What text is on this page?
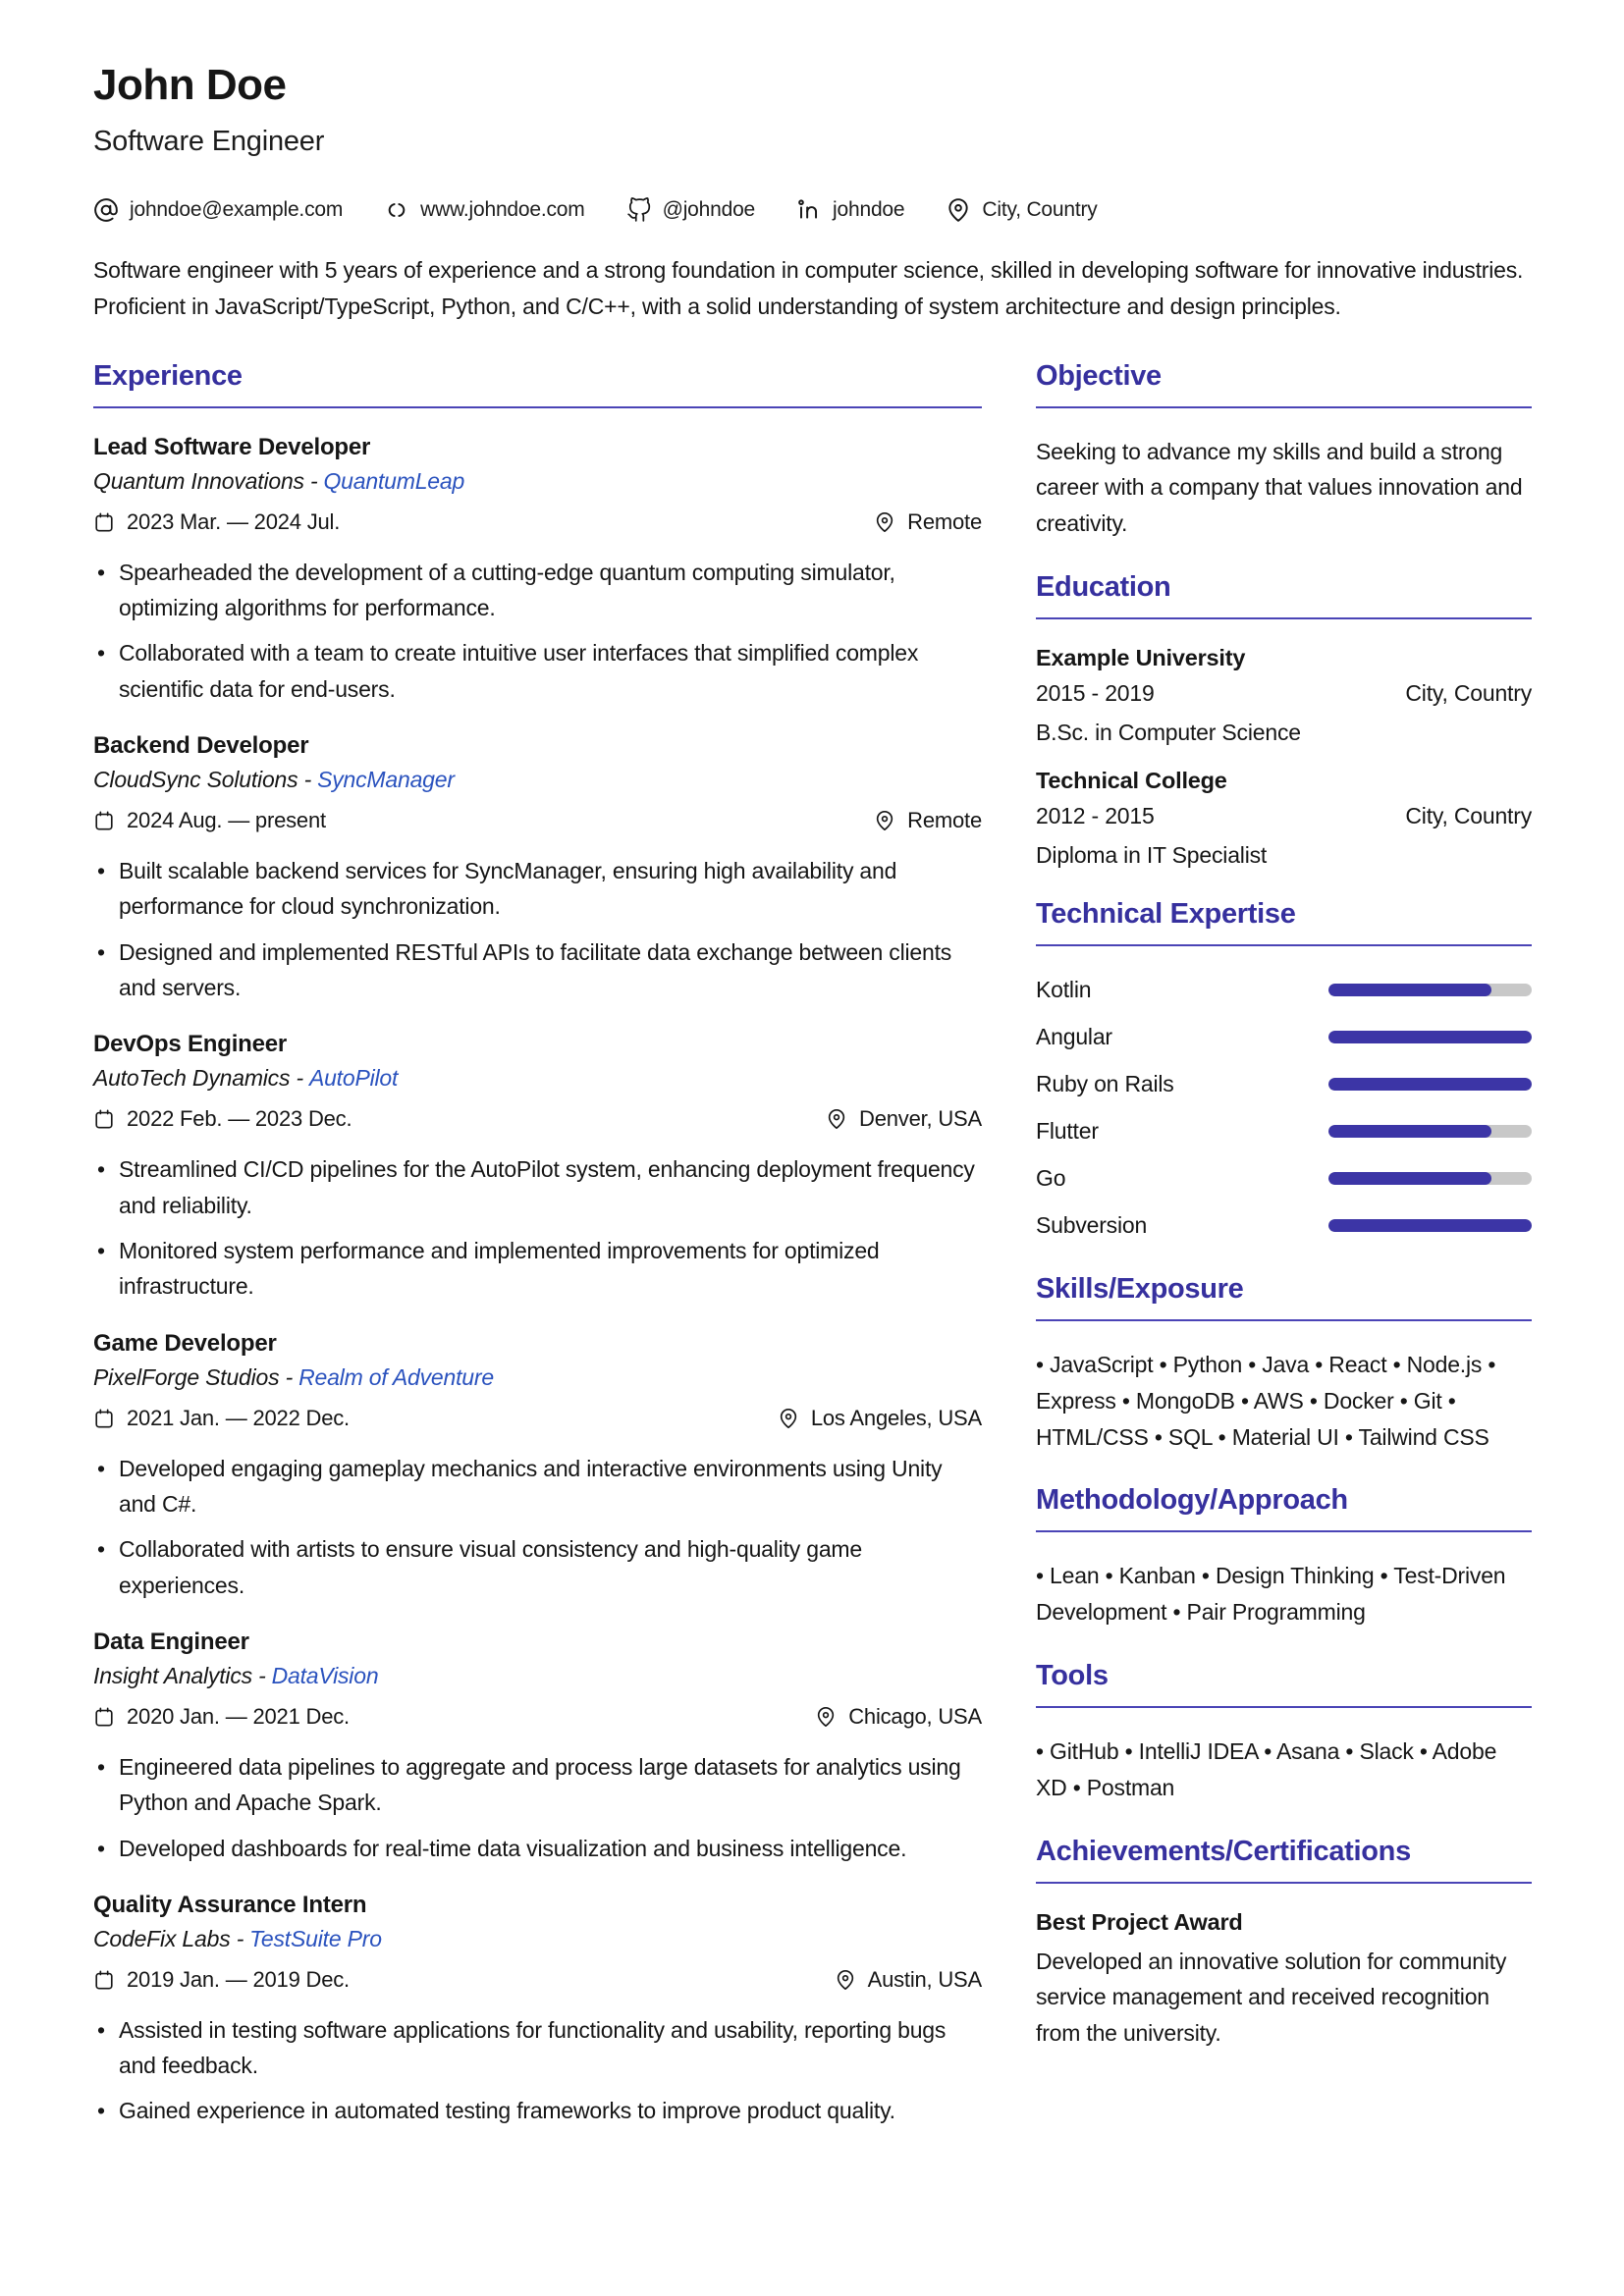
John Doe
Software Engineer
johndoe@example.com	www.johndoe.com	@johndoe	johndoe	City, Country

Software engineer with 5 years of experience and a strong foundation in computer science, skilled in developing software for innovative industries. Proficient in JavaScript/TypeScript, Python, and C/C++, with a solid understanding of system architecture and design principles.

Experience
Lead Software Developer
Quantum Innovations - QuantumLeap
2023 Mar. — 2024 Jul.	Remote
• Spearheaded the development of a cutting-edge quantum computing simulator, optimizing algorithms for performance.
• Collaborated with a team to create intuitive user interfaces that simplified complex scientific data for end-users.
Backend Developer
CloudSync Solutions - SyncManager
2024 Aug. — present	Remote
• Built scalable backend services for SyncManager, ensuring high availability and performance for cloud synchronization.
• Designed and implemented RESTful APIs to facilitate data exchange between clients and servers.
DevOps Engineer
AutoTech Dynamics - AutoPilot
2022 Feb. — 2023 Dec.	Denver, USA
• Streamlined CI/CD pipelines for the AutoPilot system, enhancing deployment frequency and reliability.
• Monitored system performance and implemented improvements for optimized infrastructure.
Game Developer
PixelForge Studios - Realm of Adventure
2021 Jan. — 2022 Dec.	Los Angeles, USA
• Developed engaging gameplay mechanics and interactive environments using Unity and C#.
• Collaborated with artists to ensure visual consistency and high-quality game experiences.
Data Engineer
Insight Analytics - DataVision
2020 Jan. — 2021 Dec.	Chicago, USA
• Engineered data pipelines to aggregate and process large datasets for analytics using Python and Apache Spark.
• Developed dashboards for real-time data visualization and business intelligence.
Quality Assurance Intern
CodeFix Labs - TestSuite Pro
2019 Jan. — 2019 Dec.	Austin, USA
• Assisted in testing software applications for functionality and usability, reporting bugs and feedback.
• Gained experience in automated testing frameworks to improve product quality.
Objective

Seeking to advance my skills and build a strong career with a company that values innovation and creativity.

Education
Example University
2015 - 2019	City, Country
B.Sc. in Computer Science
Technical College
2012 - 2015	City, Country
Diploma in IT Specialist
Technical Expertise
Kotlin
Angular
Ruby on Rails
Flutter
Go
Subversion
Skills/Exposure

• JavaScript • Python • Java • React • Node.js • Express • MongoDB • AWS • Docker • Git • HTML/CSS • SQL • Material UI • Tailwind CSS

Methodology/Approach

• Lean • Kanban • Design Thinking • Test-Driven Development • Pair Programming

Tools

• GitHub • IntelliJ IDEA • Asana • Slack • Adobe XD • Postman

Achievements/Certifications
Best Project Award

Developed an innovative solution for community service management and received recognition from the university.
